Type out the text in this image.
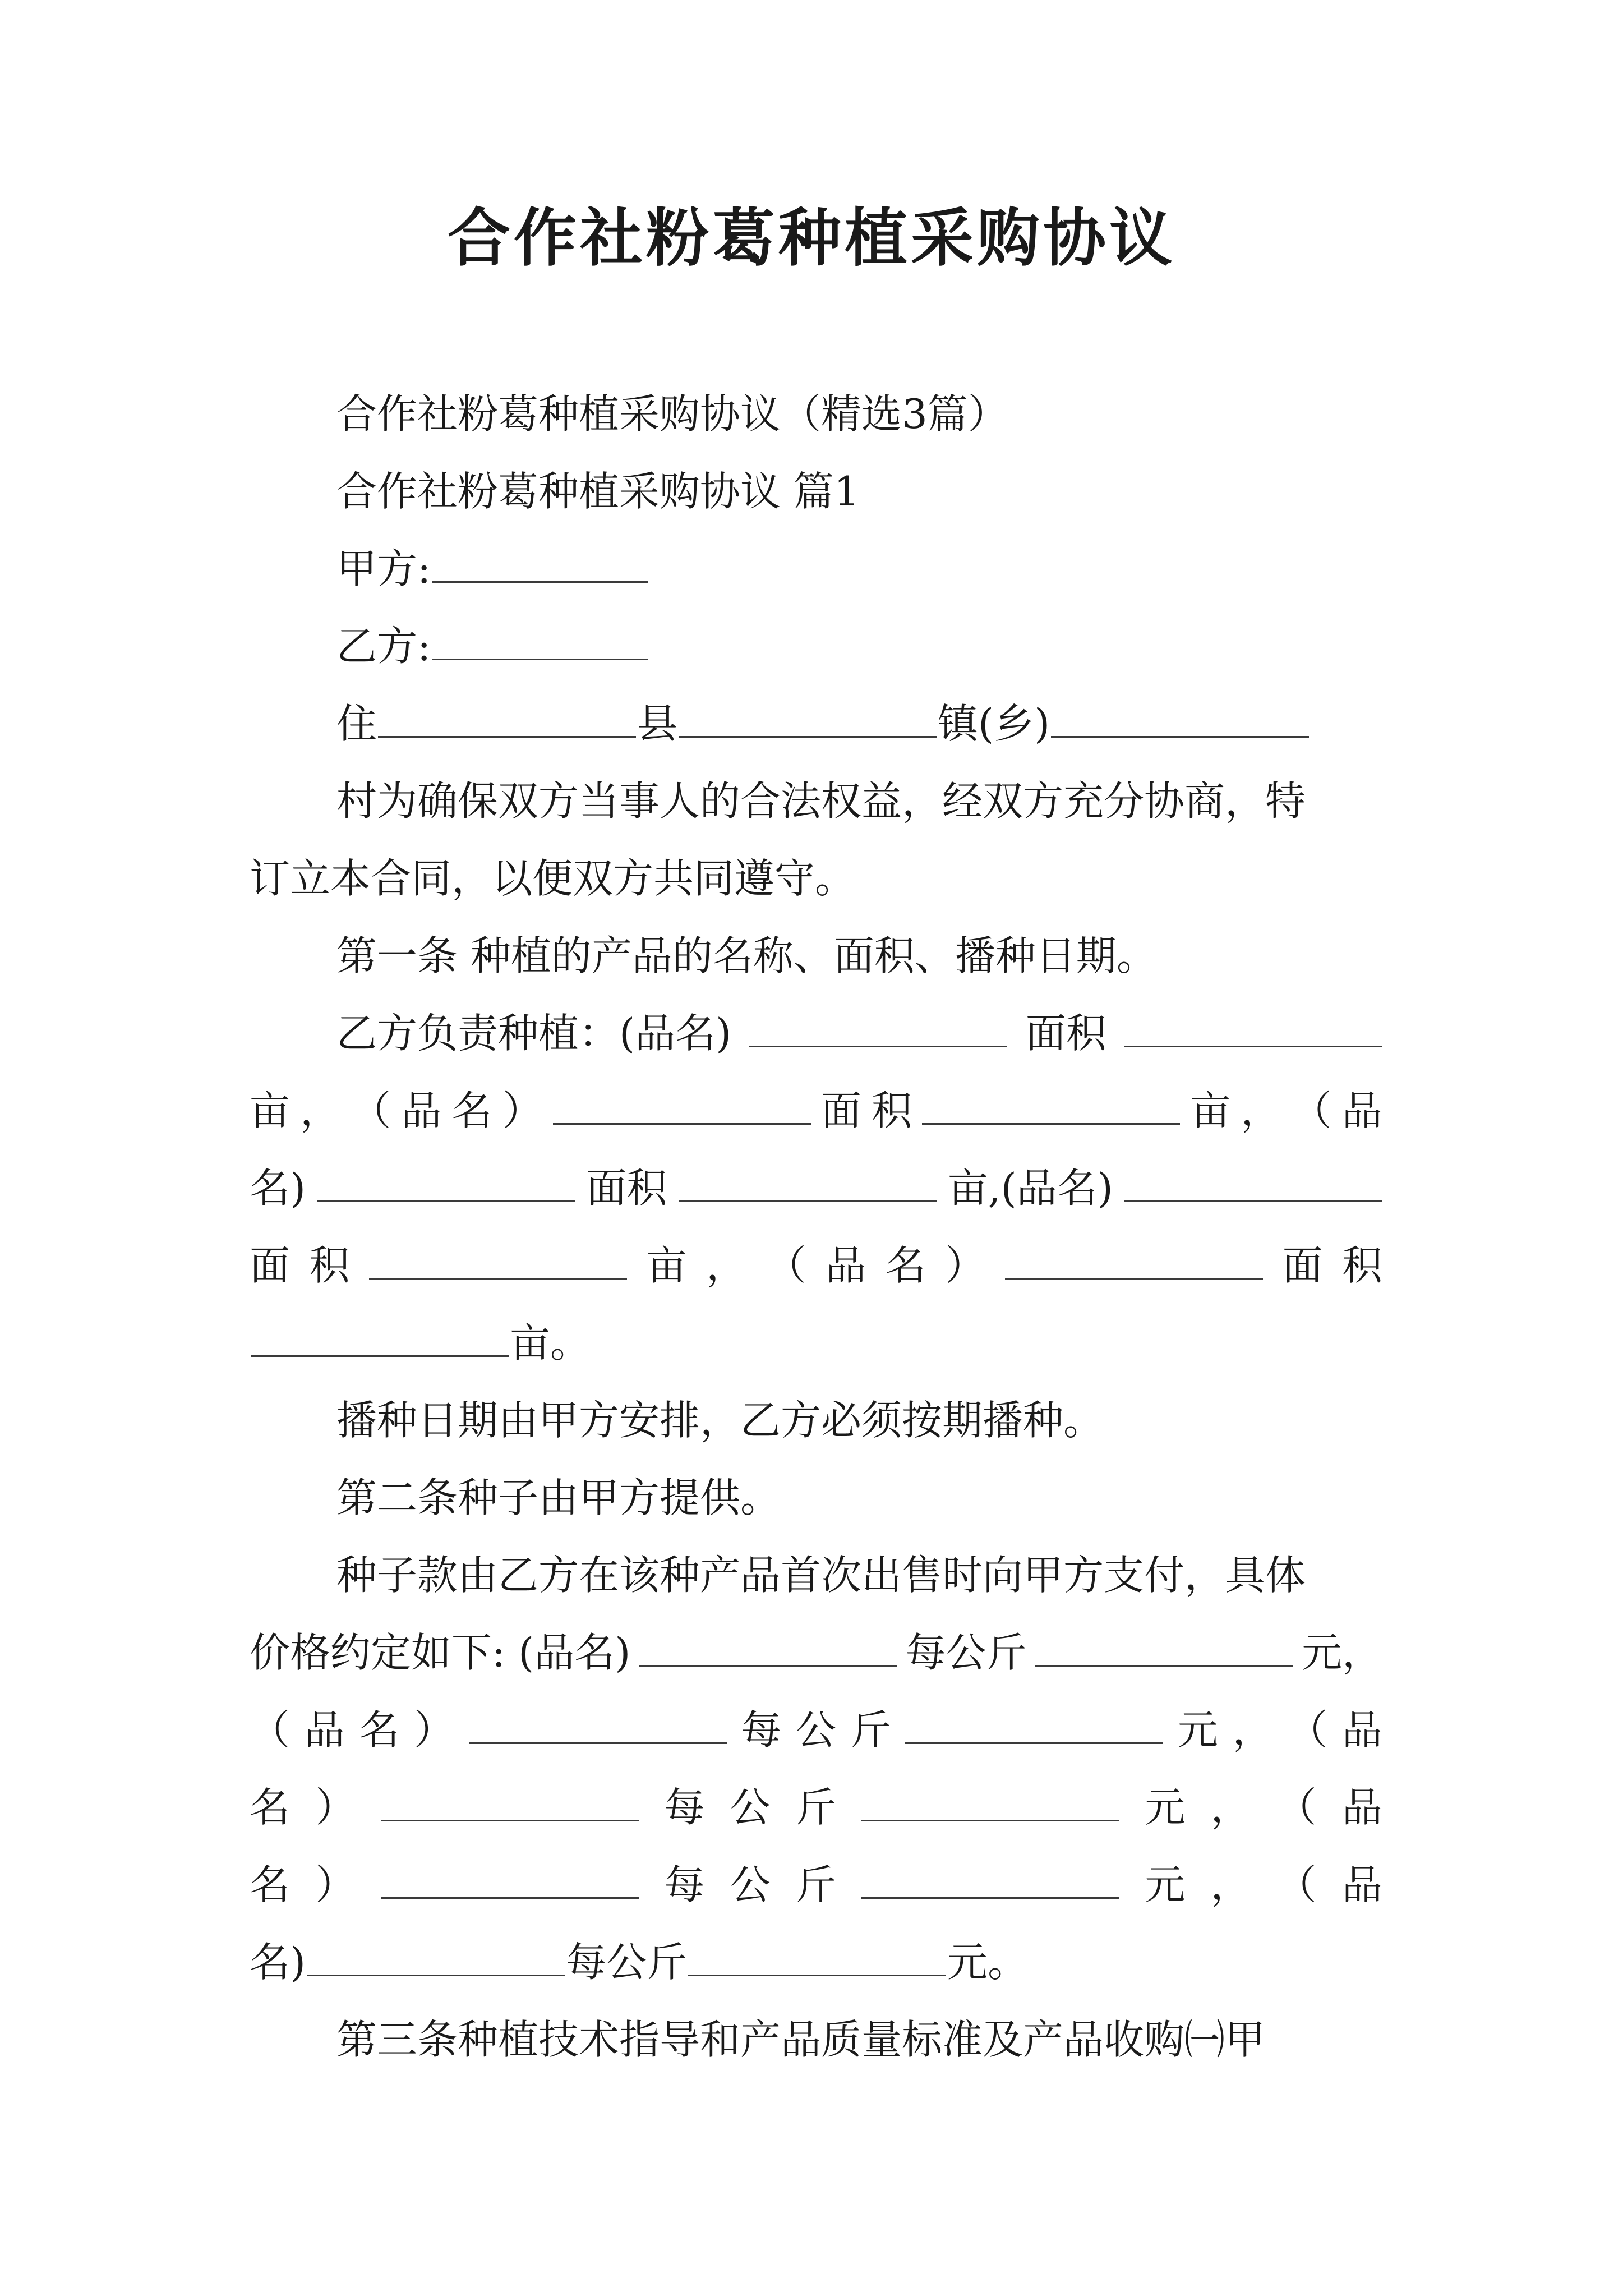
合作社粉葛种植采购协议
合作社粉葛种植采购协议（精选3篇）
合作社粉葛种植采购协议 篇1
甲方:
乙方:
住	县	镇(乡)
村为确保双方当事人的合法权益，经双方充分协商，特
订立本合同，以便双方共同遵守。
第一条 种植的产品的名称、面积、播种日期。
乙方负责种植：(品名)	面积
亩 ， （ 品 名 ）	面 积	亩 ， （ 品
名)	面积	亩,(品名)
面 积	亩 ， （ 品 名 ）	面 积
亩。
播种日期由甲方安排，乙方必须按期播种。
第二条种子由甲方提供。
种子款由乙方在该种产品首次出售时向甲方支付，具体
价格约定如下: (品名)	每公斤	元，
（ 品 名 ）	每 公 斤	元 ， （ 品
名 ）	每 公 斤	元 ， （ 品
名 ）	每 公 斤	元 ， （ 品
名)	每公斤	元。
第三条种植技术指导和产品质量标准及产品收购㈠甲
